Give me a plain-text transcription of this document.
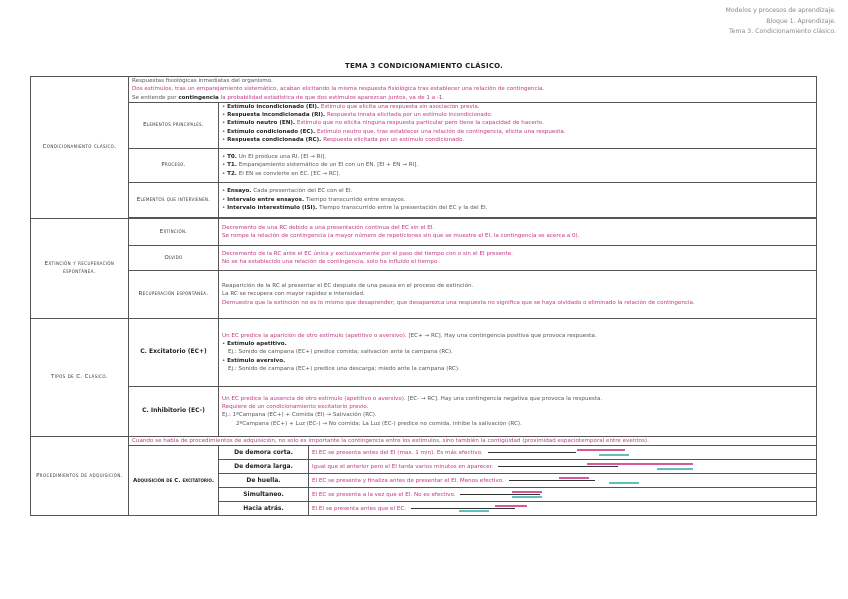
Modelos y procesos de aprendizaje.
Bloque 1. Aprendizaje.
Tema 3. Condicionamiento clásico.
TEMA 3 CONDICIONAMIENTO CLÁSICO.
Condicionamiento clásico.	Respuestas fisiológicas inmediatas del organismo.
Dos estímulos, tras un emparejamiento sistemático, acaban elicitando la misma respuesta fisiológica tras establecer una relación de contingencia.
Se entiende por contingencia la probabilidad estadística de que dos estímulos aparezcan juntos, va de 1 a -1.		

	Elementos principales.	• Estímulo incondicionado (EI). Estímulo que elicita una respuesta sin asociación previa.
• Respuesta incondicionada (RI). Respuesta innata elicitada por un estímulo incondicionado.
• Estímulo neutro (EN). Estímulo que no elicita ninguna respuesta particular pero tiene la capacidad de hacerlo.
• Estímulo condicionado (EC). Estímulo neutro que, tras establecer una relación de contingencia, elicita una respuesta.
• Respuesta condicionada (RC). Respuesta elicitada por un estímulo condicionado.	

	Proceso.	• T0. Un EI produce una RI. [EI → RI].
• T1. Emparejamiento sistemático de un EI con un EN. [EI + EN → RI].
• T2. El EN se convierte en EC. [EC → RC].	

	Elementos que intervienen.	• Ensayo. Cada presentación del EC con el EI.
• Intervalo entre ensayos. Tiempo transcurrido entre ensayos.
• Intervalo interestímulo (ISI). Tiempo transcurrido entre la presentación del EC y la del EI.	

Extinción y recuperación espontánea.	Extinción.	Decremento de una RC debido a una presentación continua del EC sin el EI.
Se rompe la relación de contingencia (a mayor número de repeticiones sin que se muestre el EI, la contingencia se acerca a 0).	

	Olvido	Decremento de la RC ante el EC única y exclusivamente por el paso del tiempo con o sin el EI presente.
No se ha establecido una relación de contingencia, solo ha influido el tiempo.	

	Recuperación espontánea.	Reaparición de la RC al presentar el EC después de una pausa en el proceso de extinción.
La RC se recupera con mayor rapidez e intensidad.
Demuestra que la extinción no es lo mismo que desaprender; que desaparezca una respuesta no significa que se haya olvidado o eliminado la relación de contingencia.	

Tipos de C. Clásico.	C. Excitatorio (EC+)	Un EC predice la aparición de otro estímulo (apetitivo o aversivo). [EC+ → RC]. Hay una contingencia positiva que provoca respuesta.
• Estímulo apetitivo.
Ej.: Sonido de campana (EC+) predice comida; salivación ante la campana (RC).
• Estímulo aversivo.
Ej.: Sonido de campana (EC+) predice una descarga; miedo ante la campana (RC).	

	C. Inhibitorio (EC-)	Un EC predice la ausencia de otro estímulo (apetitivo o aversivo). [EC- → RC]. Hay una contingencia negativa que provoca la respuesta.
Requiere de un condicionamiento excitatorio previo.
Ej.: 1ºCampana (EC+) + Comida (EI) → Salivación (RC).
2ºCampana (EC+) + Luz (EC-) → No comida; La Luz (EC-) predice no comida, inhibe la salivación (RC).	

Procedimientos de adquisición.	Cuando se habla de procedimientos de adquisición, no solo es importante la contingencia entre los estímulos, sino también la contigüidad (proximidad espaciotemporal entre eventos).		

	Adquisición de C. excitatorio.	De demora corta.	El EC se presenta antes del EI (max. 1 min). Es más efectivo.

		De demora larga.	Igual que el anterior pero el EI tarda varios minutos en aparecer.

		De huella.	El EC se presenta y finaliza antes de presentar el EI. Menos efectivo.

		Simultaneo.	El EC se presenta a la vez que el EI. No es efectivo.

		Hacia atrás.	El EI se presenta antes que el EC.
